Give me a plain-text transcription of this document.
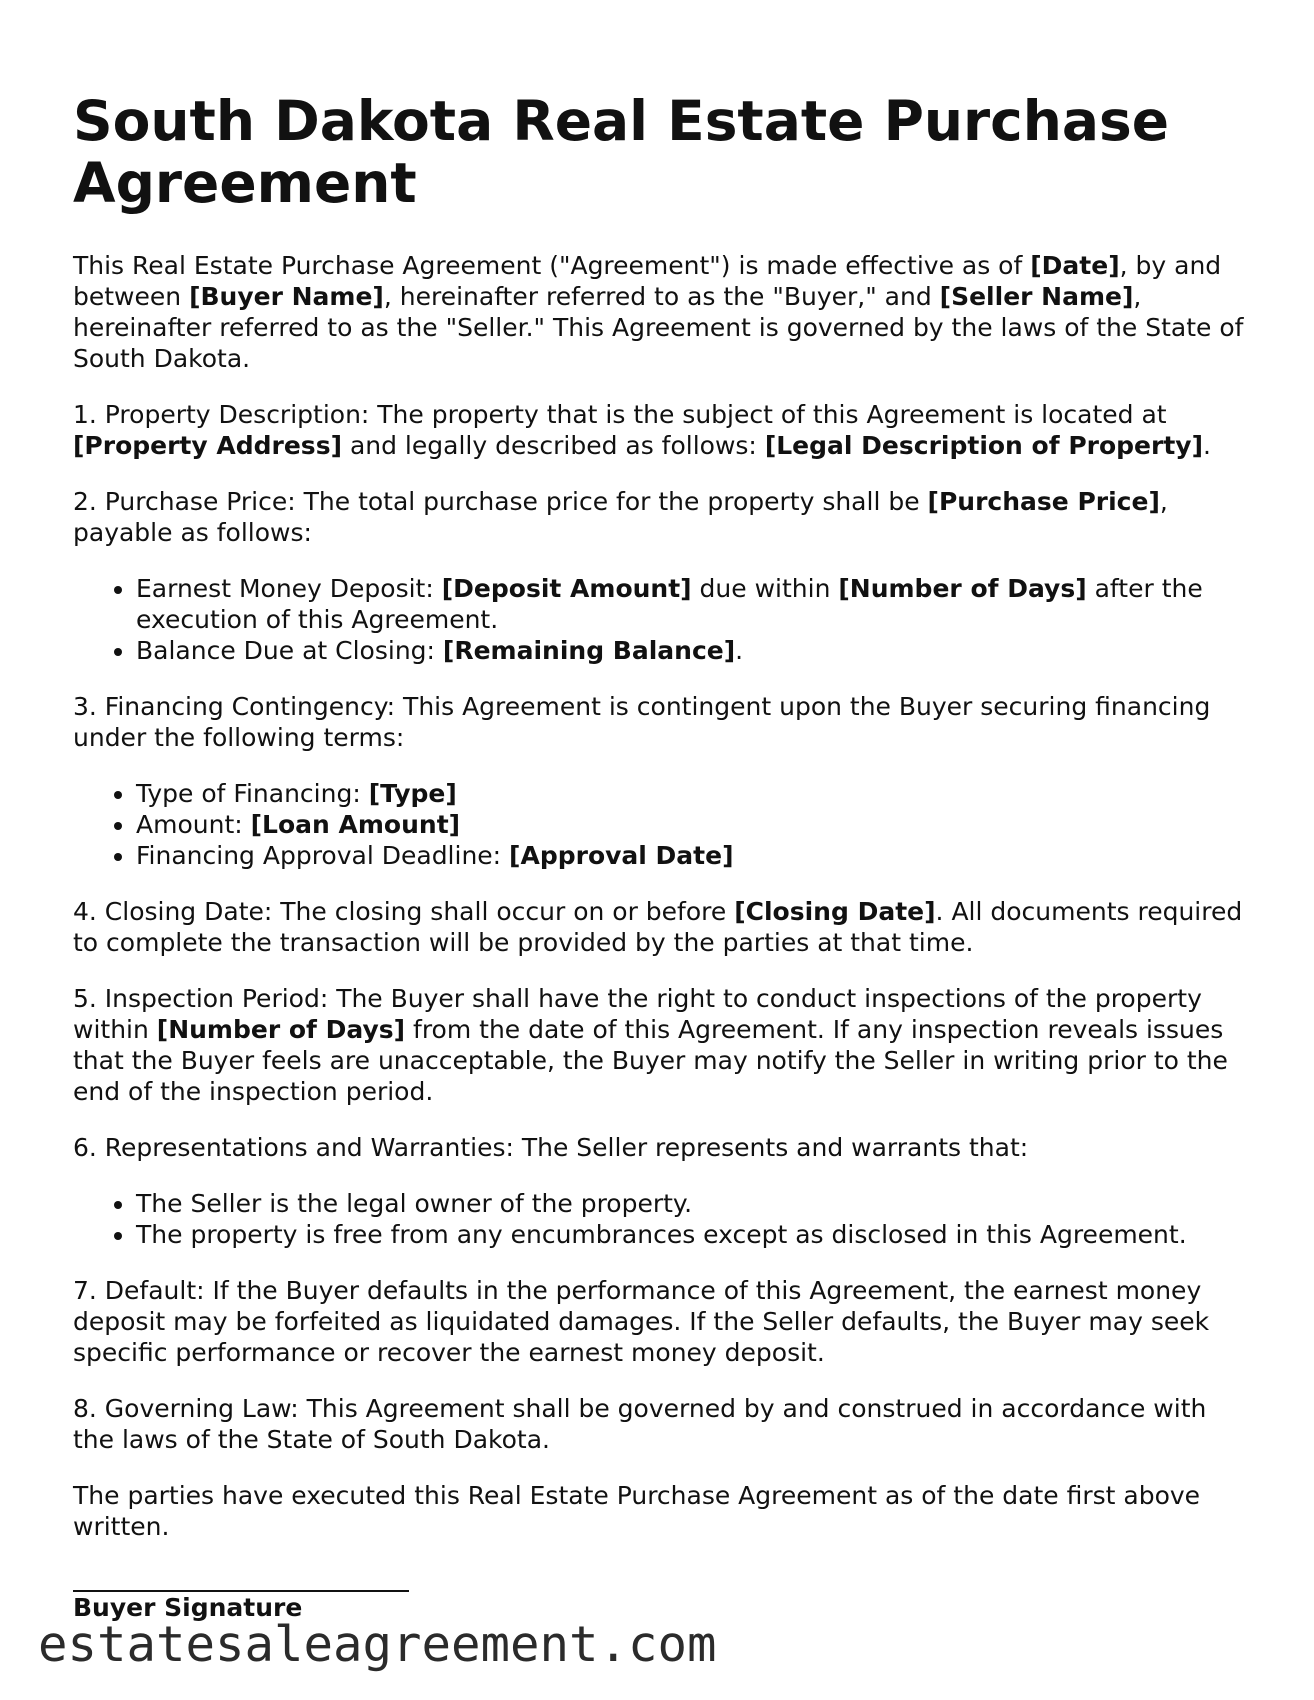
South Dakota Real Estate Purchase Agreement

This Real Estate Purchase Agreement ("Agreement") is made effective as of [Date], by and between [Buyer Name], hereinafter referred to as the "Buyer," and [Seller Name], hereinafter referred to as the "Seller." This Agreement is governed by the laws of the State of South Dakota.

1. Property Description: The property that is the subject of this Agreement is located at [Property Address] and legally described as follows: [Legal Description of Property].

2. Purchase Price: The total purchase price for the property shall be [Purchase Price], payable as follows:

• Earnest Money Deposit: [Deposit Amount] due within [Number of Days] after the execution of this Agreement.
• Balance Due at Closing: [Remaining Balance].

3. Financing Contingency: This Agreement is contingent upon the Buyer securing financing under the following terms:

• Type of Financing: [Type]
• Amount: [Loan Amount]
• Financing Approval Deadline: [Approval Date]

4. Closing Date: The closing shall occur on or before [Closing Date]. All documents required to complete the transaction will be provided by the parties at that time.

5. Inspection Period: The Buyer shall have the right to conduct inspections of the property within [Number of Days] from the date of this Agreement. If any inspection reveals issues that the Buyer feels are unacceptable, the Buyer may notify the Seller in writing prior to the end of the inspection period.

6. Representations and Warranties: The Seller represents and warrants that:

• The Seller is the legal owner of the property.
• The property is free from any encumbrances except as disclosed in this Agreement.

7. Default: If the Buyer defaults in the performance of this Agreement, the earnest money deposit may be forfeited as liquidated damages. If the Seller defaults, the Buyer may seek specific performance or recover the earnest money deposit.

8. Governing Law: This Agreement shall be governed by and construed in accordance with the laws of the State of South Dakota.

The parties have executed this Real Estate Purchase Agreement as of the date first above written.

Buyer Signature
estatesaleagreement.com
